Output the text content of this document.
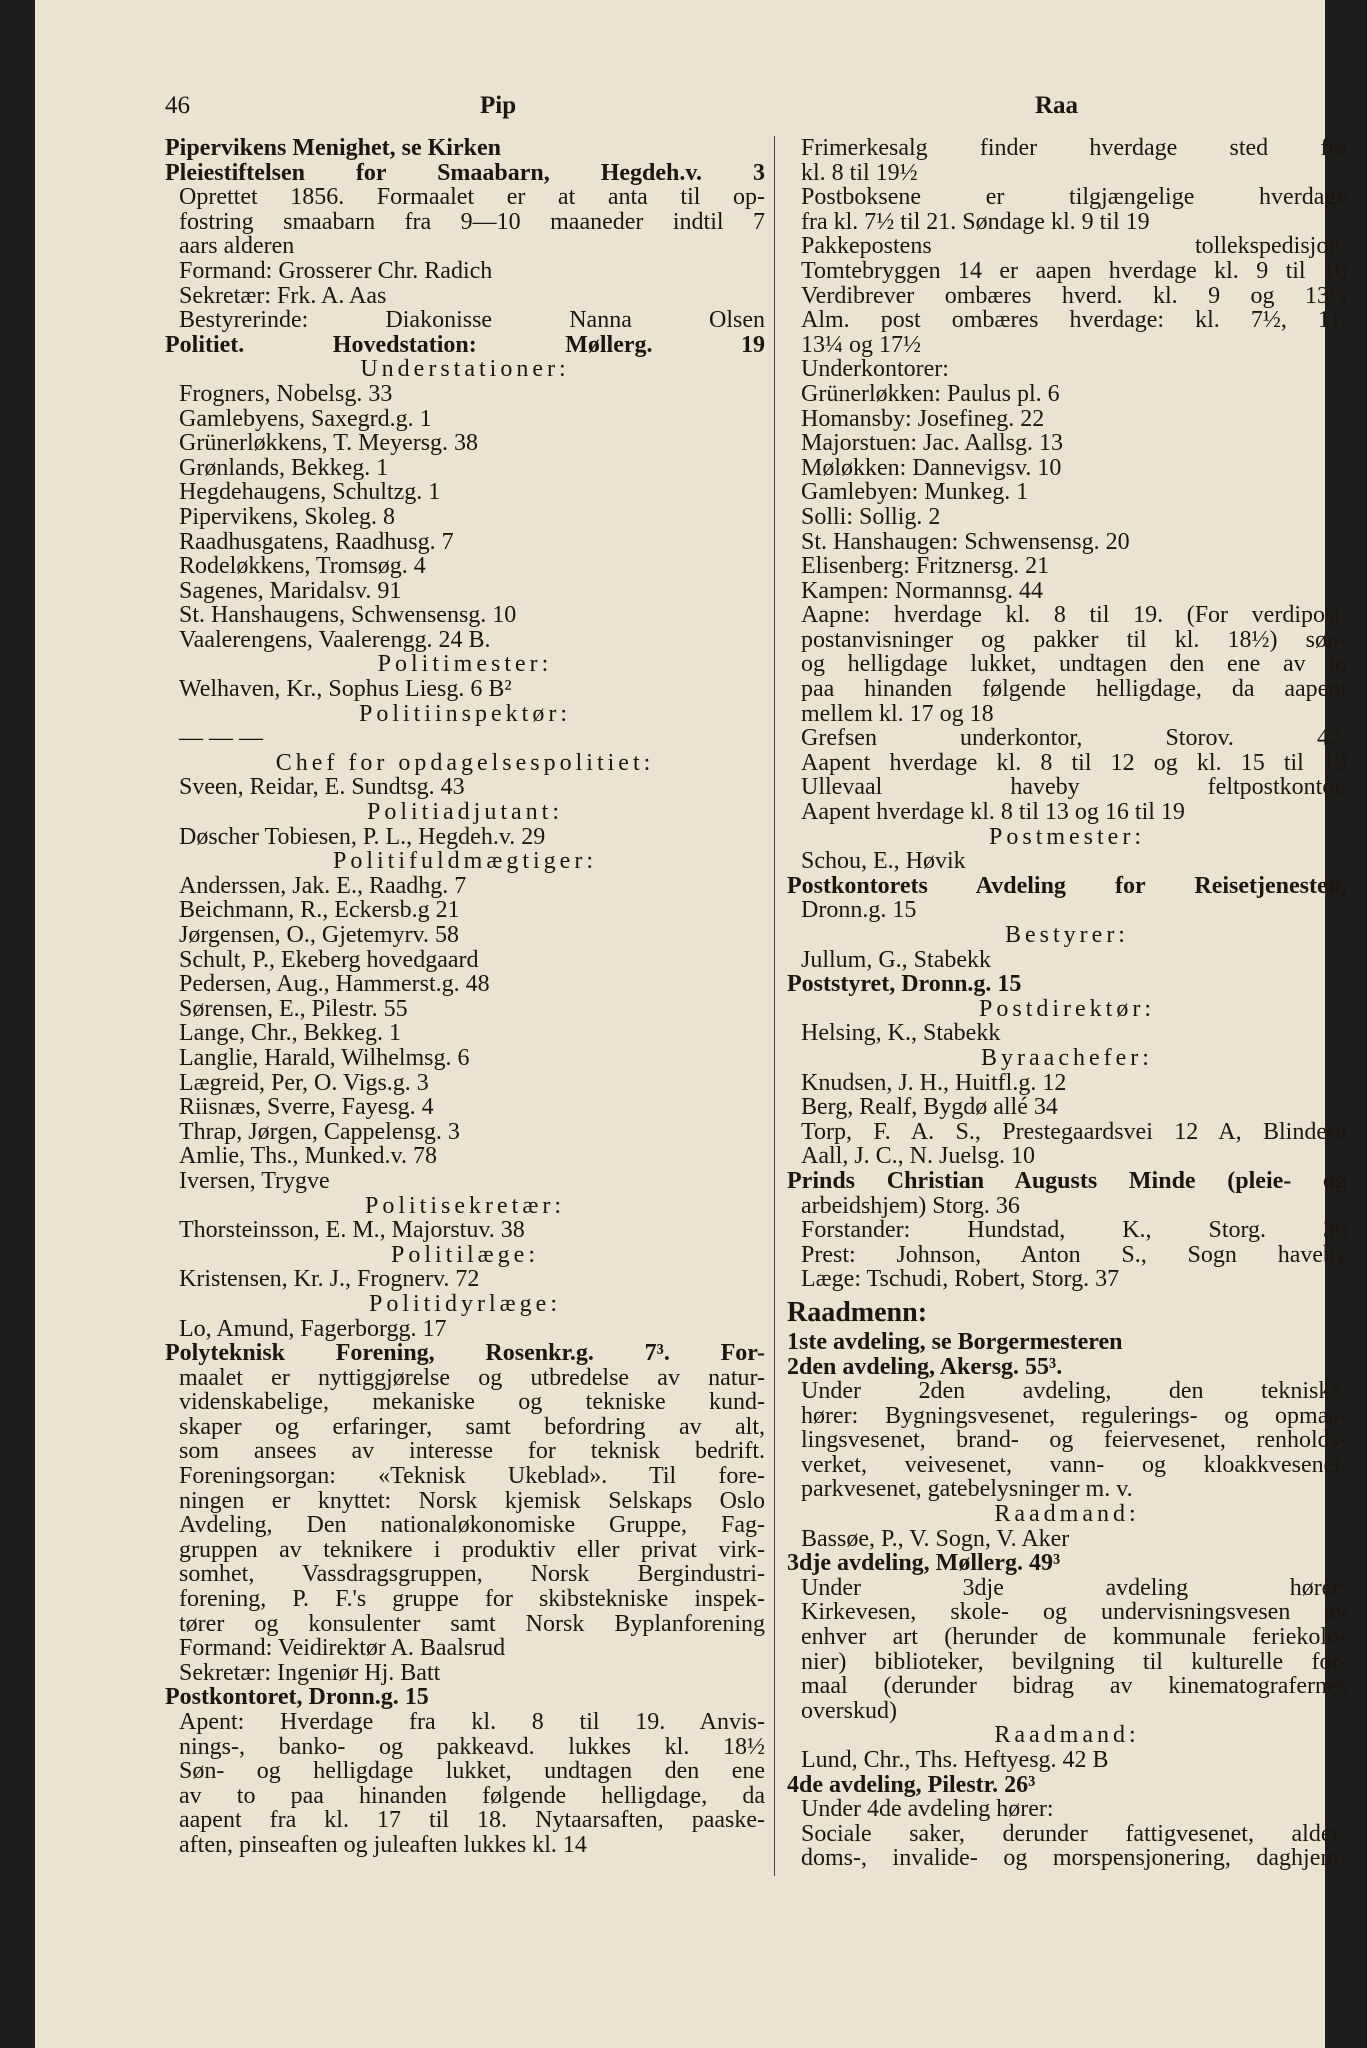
46	Pip	Raa
Pipervikens Menighet, se Kirken
Pleiestiftelsen for Smaabarn, Hegdeh.v. 3
Oprettet 1856. Formaalet er at anta til op-
fostring smaabarn fra 9—10 maaneder indtil 7
aars alderen
Formand: Grosserer Chr. Radich
Sekretær: Frk. A. Aas
Bestyrerinde: Diakonisse Nanna Olsen
Politiet. Hovedstation: Møllerg. 19
Understationer:
Frogners, Nobelsg. 33
Gamlebyens, Saxegrd.g. 1
Grünerløkkens, T. Meyersg. 38
Grønlands, Bekkeg. 1
Hegdehaugens, Schultzg. 1
Pipervikens, Skoleg. 8
Raadhusgatens, Raadhusg. 7
Rodeløkkens, Tromsøg. 4
Sagenes, Maridalsv. 91
St. Hanshaugens, Schwensensg. 10
Vaalerengens, Vaalerengg. 24 B.
Politimester:
Welhaven, Kr., Sophus Liesg. 6 B²
Politiinspektør:
— — —
Chef for opdagelsespolitiet:
Sveen, Reidar, E. Sundtsg. 43
Politiadjutant:
Døscher Tobiesen, P. L., Hegdeh.v. 29
Politifuldmægtiger:
Anderssen, Jak. E., Raadhg. 7
Beichmann, R., Eckersb.g 21
Jørgensen, O., Gjetemyrv. 58
Schult, P., Ekeberg hovedgaard
Pedersen, Aug., Hammerst.g. 48
Sørensen, E., Pilestr. 55
Lange, Chr., Bekkeg. 1
Langlie, Harald, Wilhelmsg. 6
Lægreid, Per, O. Vigs.g. 3
Riisnæs, Sverre, Fayesg. 4
Thrap, Jørgen, Cappelensg. 3
Amlie, Ths., Munked.v. 78
Iversen, Trygve
Politisekretær:
Thorsteinsson, E. M., Majorstuv. 38
Politilæge:
Kristensen, Kr. J., Frognerv. 72
Politidyrlæge:
Lo, Amund, Fagerborgg. 17
Polyteknisk Forening, Rosenkr.g. 7³. For-
maalet er nyttiggjørelse og utbredelse av natur-
videnskabelige, mekaniske og tekniske kund-
skaper og erfaringer, samt befordring av alt,
som ansees av interesse for teknisk bedrift.
Foreningsorgan: «Teknisk Ukeblad». Til fore-
ningen er knyttet: Norsk kjemisk Selskaps Oslo
Avdeling, Den nationaløkonomiske Gruppe, Fag-
gruppen av teknikere i produktiv eller privat virk-
somhet, Vassdragsgruppen, Norsk Bergindustri-
forening, P. F.'s gruppe for skibstekniske inspek-
tører og konsulenter samt Norsk Byplanforening
Formand: Veidirektør A. Baalsrud
Sekretær: Ingeniør Hj. Batt
Postkontoret, Dronn.g. 15
Apent: Hverdage fra kl. 8 til 19. Anvis-
nings-, banko- og pakkeavd. lukkes kl. 18½
Søn- og helligdage lukket, undtagen den ene
av to paa hinanden følgende helligdage, da
aapent fra kl. 17 til 18. Nytaarsaften, paaske-
aften, pinseaften og juleaften lukkes kl. 14
Frimerkesalg finder hverdage sted fra
kl. 8 til 19½
Postboksene er tilgjængelige hverdage
fra kl. 7½ til 21. Søndage kl. 9 til 19
Pakkepostens tollekspedisjon:
Tomtebryggen 14 er aapen hverdage kl. 9 til 16
Verdibrever ombæres hverd. kl. 9 og 13¼
Alm. post ombæres hverdage: kl. 7½, 11,
13¼ og 17½
Underkontorer:
Grünerløkken: Paulus pl. 6
Homansby: Josefineg. 22
Majorstuen: Jac. Aallsg. 13
Møløkken: Dannevigsv. 10
Gamlebyen: Munkeg. 1
Solli: Sollig. 2
St. Hanshaugen: Schwensensg. 20
Elisenberg: Fritznersg. 21
Kampen: Normannsg. 44
Aapne: hverdage kl. 8 til 19. (For verdipost,
postanvisninger og pakker til kl. 18½) søn-
og helligdage lukket, undtagen den ene av to
paa hinanden følgende helligdage, da aapent
mellem kl. 17 og 18
Grefsen underkontor, Storov. 42.
Aapent hverdage kl. 8 til 12 og kl. 15 til 19
Ullevaal haveby feltpostkontor.
Aapent hverdage kl. 8 til 13 og 16 til 19
Postmester:
Schou, E., Høvik
Postkontorets Avdeling for Reisetjenesten,
Dronn.g. 15
Bestyrer:
Jullum, G., Stabekk
Poststyret, Dronn.g. 15
Postdirektør:
Helsing, K., Stabekk
Byraachefer:
Knudsen, J. H., Huitfl.g. 12
Berg, Realf, Bygdø allé 34
Torp, F. A. S., Prestegaardsvei 12 A, Blindern
Aall, J. C., N. Juelsg. 10
Prinds Christian Augusts Minde (pleie- og
arbeidshjem) Storg. 36
Forstander: Hundstad, K., Storg. 36
Prest: Johnson, Anton S., Sogn haveby
Læge: Tschudi, Robert, Storg. 37
Raadmenn:
1ste avdeling, se Borgermesteren
2den avdeling, Akersg. 55³.
Under 2den avdeling, den tekniske,
hører: Bygningsvesenet, regulerings- og opmaa-
lingsvesenet, brand- og feiervesenet, renholds-
verket, veivesenet, vann- og kloakkvesenet,
parkvesenet, gatebelysninger m. v.
Raadmand:
Bassøe, P., V. Sogn, V. Aker
3dje avdeling, Møllerg. 49³
Under 3dje avdeling hører:
Kirkevesen, skole- og undervisningsvesen av
enhver art (herunder de kommunale feriekolo-
nier) biblioteker, bevilgning til kulturelle for-
maal (derunder bidrag av kinematografernes
overskud)
Raadmand:
Lund, Chr., Ths. Heftyesg. 42 B
4de avdeling, Pilestr. 26³
Under 4de avdeling hører:
Sociale saker, derunder fattigvesenet, alder-
doms-, invalide- og morspensjonering, daghjem-
